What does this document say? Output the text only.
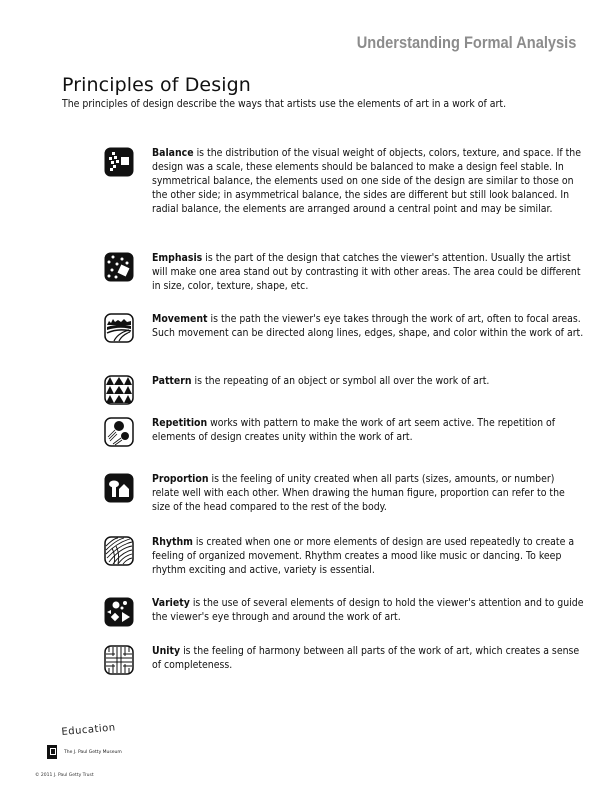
Understanding Formal Analysis
Principles of Design
The principles of design describe the ways that artists use the elements of art in a work of art.
Balance is the distribution of the visual weight of objects, colors, texture, and space. If the design was a scale, these elements should be balanced to make a design feel stable. In symmetrical balance, the elements used on one side of the design are similar to those on the other side; in asymmetrical balance, the sides are different but still look balanced. In radial balance, the elements are arranged around a central point and may be similar.
Emphasis is the part of the design that catches the viewer's attention. Usually the artist will make one area stand out by contrasting it with other areas. The area could be different in size, color, texture, shape, etc.
Movement is the path the viewer's eye takes through the work of art, often to focal areas. Such movement can be directed along lines, edges, shape, and color within the work of art.
Pattern is the repeating of an object or symbol all over the work of art.
Repetition works with pattern to make the work of art seem active. The repetition of elements of design creates unity within the work of art.
Proportion is the feeling of unity created when all parts (sizes, amounts, or number) relate well with each other. When drawing the human figure, proportion can refer to the size of the head compared to the rest of the body.
Rhythm is created when one or more elements of design are used repeatedly to create a feeling of organized movement. Rhythm creates a mood like music or dancing. To keep rhythm exciting and active, variety is essential.
Variety is the use of several elements of design to hold the viewer's attention and to guide the viewer's eye through and around the work of art.
Unity is the feeling of harmony between all parts of the work of art, which creates a sense of completeness.
Education
The J. Paul Getty Museum
© 2011 J. Paul Getty Trust
